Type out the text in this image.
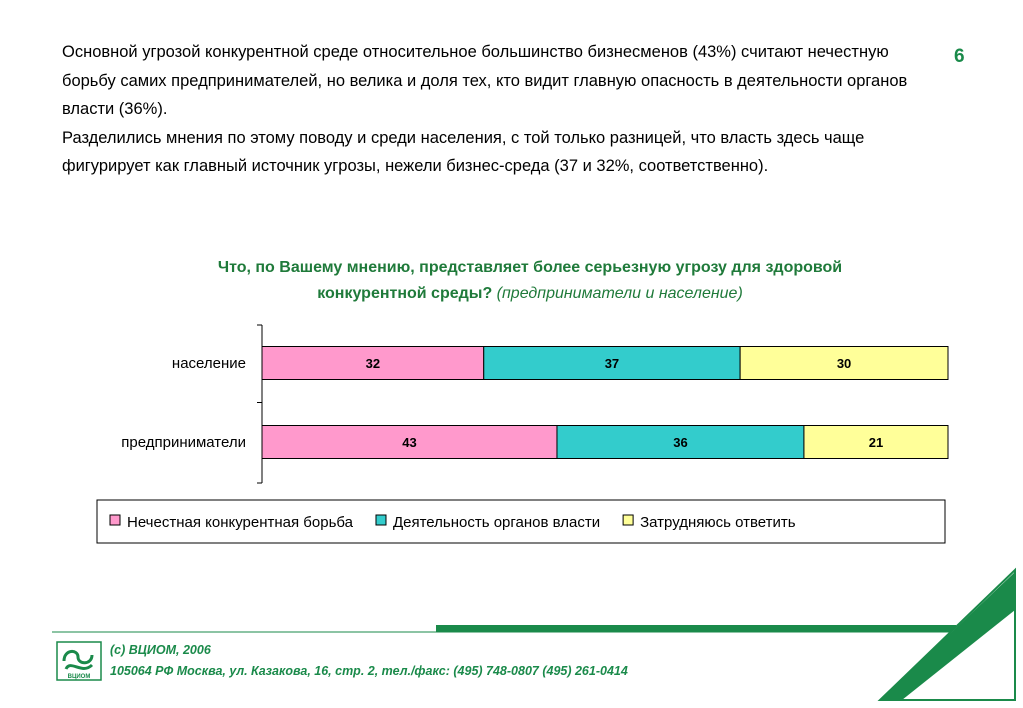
Основной угрозой конкурентной среде относительное большинство бизнесменов (43%) считают нечестную борьбу самих предпринимателей, но велика и доля тех, кто видит главную опасность в деятельности органов власти (36%).

Разделились мнения по этому поводу и среди населения, с той только разницей, что власть здесь чаще фигурирует как главный источник угрозы, нежели бизнес-среда (37 и 32%, соответственно).

6
Что, по Вашему мнению, представляет более серьезную угрозу для здоровой конкурентной среды? (предприниматели и население)
32	37	30
население
43	36	21
предприниматели
Нечестная конкурентная борьба	Деятельность органов власти	Затрудняюсь ответить
ВЦИОМ
(с) ВЦИОМ, 2006
105064 РФ Москва, ул. Казакова, 16, стр. 2, тел./факс: (495) 748-0807 (495) 261-0414
